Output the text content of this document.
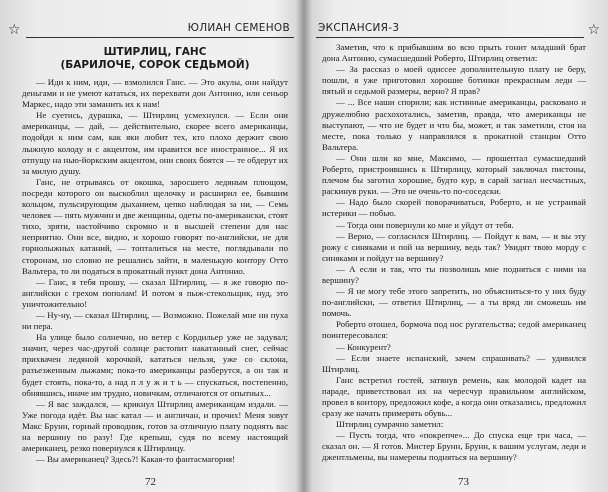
☆	ЮЛИАН СЕМЕНОВ
ШТИРЛИЦ, ГАНС
(БАРИЛОЧЕ, СОРОК СЕДЬМОЙ)

— Иди к ним, иди, — взмолился Ганс. — Это акулы, они найдут деньгами и не умеют кататься, их перехвати дон Антонио, или сеньор Маркес, надо эти заманить их к нам!

Не суетись, дурашка, — Штирлиц усмехнулся. — Если они американцы, — дай, — действительно, скорее всего американцы, подойди к ним сам, как яки любит тех, кто плохо держит свою лыжную колоду и с акцентом, им нравится все иностранное... Я их отпущу на нью-йоркским акцентом, они своих боятся — те обдерут их за милую душу.

Ганс, не отрываясь от окошка, заросшего ледяным плющом, посреди которого он выскоблил щелочку и расширил ее, бывшим кольцом, пульсирующим дыханием, цепко наблюдая за ни, — Семь человек — пять мужчин и две женщины, одеты по-американски, стоят тихо, зряти, настойчиво скромно и в высшей степени для нас неприятно. Они все, видно, и хорошо говорят по-английски, не для горнолыжных катаний, — топталиться на месте, поглядывали по сторонам, но словно не решались зайти, в маленькую контору Отто Вальтера, то ли податься в прокатный пункт дона Антонио.

— Ганс, я тебя прошу, — сказал Штирлиц, — я же говорю по-английски с грехом пополам! И потом я пыж-стекольщик, нуд, это уничтожительно!

— Ну-ну, — сказал Штирлиц, — Возможно. Пожелай мне ни пуха ни пера.

На улице было солнечно, но ветер с Кордильер уже не задувал; значит, через час-другой солнце растопит накатанный снег, сейчас прихвачен ледяной корочкой, кататься нельзя, уже со склона, разъезженным лыжами; пока-то американцы разберутся, а он так и будет стоять, пока-то, а над п л у ж и т ь — спускаться, постепенно, обнявшись, иначе им трудно, новичкам, отличаются от опытных...

— Я вас заждался, — крикнул Штирлиц американцам издали. — Уже погода идёт. Вы нас катал — и англичан, и прочих! Меня зовут Макс Брунн, горный проводник, готов за отличную плату поднять вас на вершину по разу! Где крепыш, судя по всему настоящий американец, резко повернулся к Штирлицу.

— Вы американец? Здесь?! Какая-то фантасмагория!

72
ЭКСПАНСИЯ-3	☆

Заметив, что к прибывшим во всю прыть гонит младший брат дона Антонио, сумасшедший Роберто, Штирлиц ответил:

— За рассказ о моей одиссее дополнительную плату не беру, пошли, я уже приготовил хорошие ботинки прекрасным леди — пятый и седьмой размеры, верно? Я прав?

— ... Все наши спорили; как истинные американцы, расковано и дружелюбно расхохотались, заметив, правда, что американцы не выступают, — что не будет и что бы, может, и так заметили, стоя на месте, пока только у направлялся к прокатной станции Отто Вальтера.

— Они шли ко мне, Максимо, — прошептал сумасшедший Роберто, пристроившись к Штирлицу, который заключал пистоны, плечом бы заготил хорошие, будто кур, в сарай загнал несчастных, раскинув руки. — Это не очень-то по-соседски.

— Надо было скорей поворачиваться, Роберто, и не устраивай истерики — побью.

— Тогда они повернули ко мне и уйдут от тебя.

— Верно, — согласился Штирлиц. — Пойдут к вам, — и вы эту рожу с синяками и пой на вершину, ведь так? Увидят твою морду с синяками и пойдут на вершину?

— А если и так, что ты позволишь мне подняться с ними на вершину?

— Я не могу тебе этого запретить, но объясниться-то у них буду по-английски, — ответил Штирлиц, — а ты вряд ли сможешь им помочь.

Роберто отошел, бормоча под нос ругательства; седой американец поинтересовался:

— Конкурент?

— Если знаете испанский, зачем спрашивать? — удивился Штирлиц.

Ганс встретил гостей, затянув ремень, как молодой кадет на параде, приветствовал их на чересчур правильном английском, провел в контору, предложил кофе, а когда они отказались, предложил сразу же начать примерять обувь...

Штирлиц сумрачно заметил:

— Пусть тогда, что «покрепче»... До спуска еще три часа, — сказал он. — Я готов. Мистер Брунн, Брунн, к вашим услугам, леди и джентльмены, вы намерены подняться на вершину?

73
